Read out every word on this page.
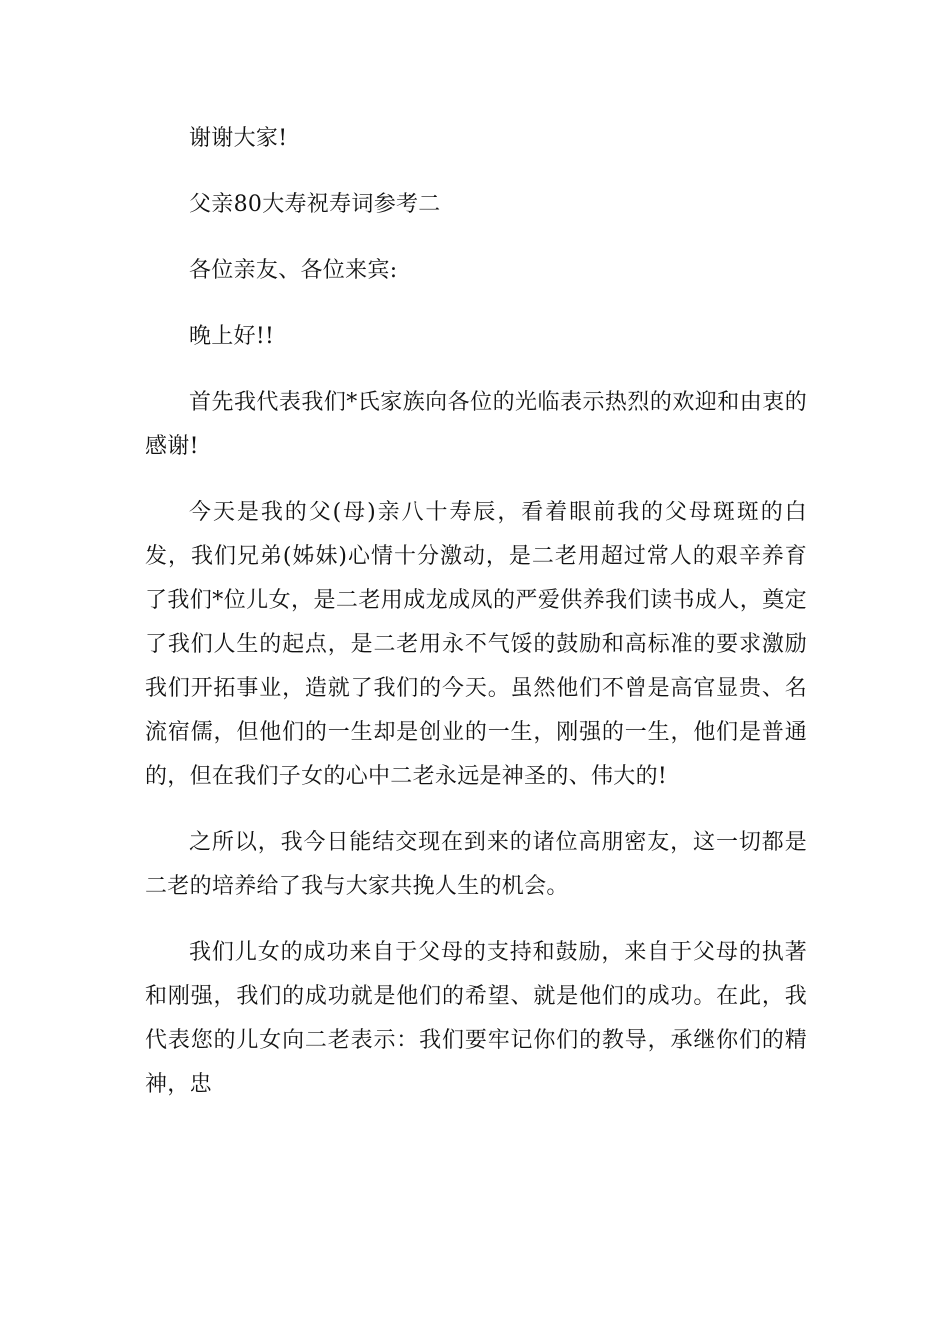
谢谢大家!

父亲80大寿祝寿词参考二

各位亲友、各位来宾:

晚上好!!

首先我代表我们*氏家族向各位的光临表示热烈的欢迎和由衷的感谢!

今天是我的父(母)亲八十寿辰，看着眼前我的父母斑斑的白发，我们兄弟(姊妹)心情十分激动，是二老用超过常人的艰辛养育了我们*位儿女，是二老用成龙成凤的严爱供养我们读书成人，奠定了我们人生的起点，是二老用永不气馁的鼓励和高标准的要求激励我们开拓事业，造就了我们的今天。虽然他们不曾是高官显贵、名流宿儒，但他们的一生却是创业的一生，刚强的一生，他们是普通的，但在我们子女的心中二老永远是神圣的、伟大的!

之所以，我今日能结交现在到来的诸位高朋密友，这一切都是二老的培养给了我与大家共挽人生的机会。

我们儿女的成功来自于父母的支持和鼓励，来自于父母的执著和刚强，我们的成功就是他们的希望、就是他们的成功。在此，我代表您的儿女向二老表示：我们要牢记你们的教导，承继你们的精神，忠
